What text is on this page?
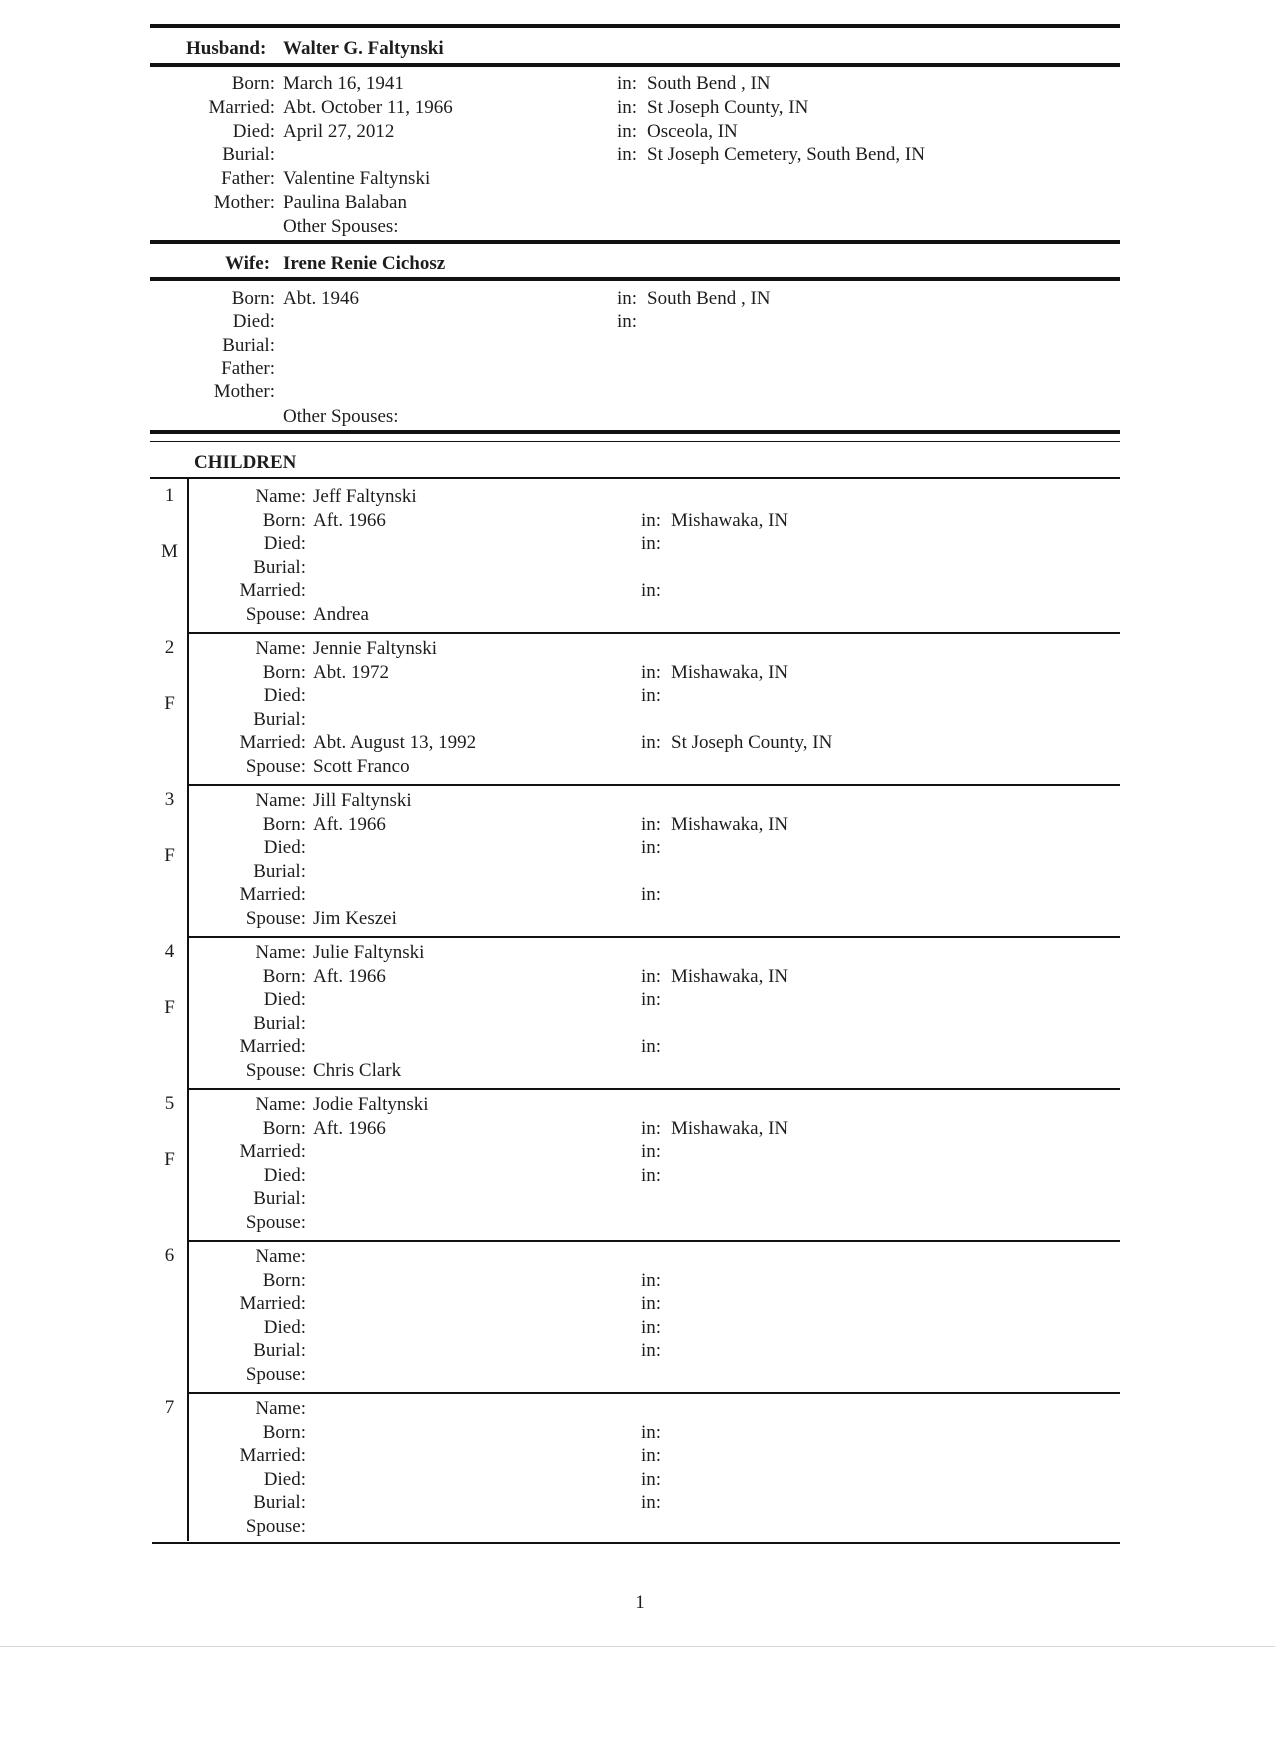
Husband: Walter G. Faltynski
Born: March 16, 1941	in: South Bend , IN
Married: Abt. October 11, 1966	in: St Joseph County, IN
Died: April 27, 2012	in: Osceola, IN
Burial:	in: St Joseph Cemetery, South Bend, IN
Father: Valentine Faltynski
Mother: Paulina Balaban
Other Spouses:
Wife: Irene Renie Cichosz
Born: Abt. 1946	in: South Bend , IN
Died:	in:
Burial:
Father:
Mother:
Other Spouses:
CHILDREN
1
M
Name: Jeff Faltynski
Born: Aft. 1966	in: Mishawaka, IN
Died:	in:
Burial:
Married:	in:
Spouse: Andrea
2
F
Name: Jennie Faltynski
Born: Abt. 1972	in: Mishawaka, IN
Died:	in:
Burial:
Married: Abt. August 13, 1992	in: St Joseph County, IN
Spouse: Scott Franco
3
F
Name: Jill Faltynski
Born: Aft. 1966	in: Mishawaka, IN
Died:	in:
Burial:
Married:	in:
Spouse: Jim Keszei
4
F
Name: Julie Faltynski
Born: Aft. 1966	in: Mishawaka, IN
Died:	in:
Burial:
Married:	in:
Spouse: Chris Clark
5
F
Name: Jodie Faltynski
Born: Aft. 1966	in: Mishawaka, IN
Married:	in:
Died:	in:
Burial:
Spouse:
6	Name:
Born:	in:
Married:	in:
Died:	in:
Burial:	in:
Spouse:
7	Name:
Born:	in:
Married:	in:
Died:	in:
Burial:	in:
Spouse:
1
